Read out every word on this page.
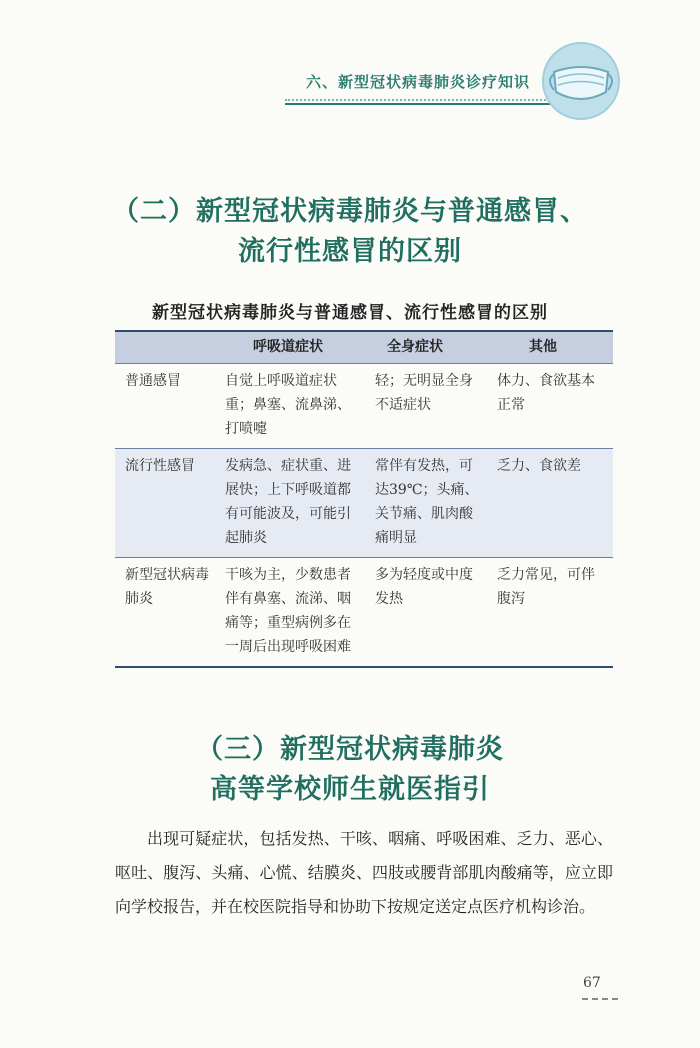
六、新型冠状病毒肺炎诊疗知识
（二）新型冠状病毒肺炎与普通感冒、
流行性感冒的区别
新型冠状病毒肺炎与普通感冒、流行性感冒的区别
	呼吸道症状	全身症状	其他
普通感冒	自觉上呼吸道症状重；鼻塞、流鼻涕、打喷嚏	轻；无明显全身不适症状	体力、食欲基本正常
流行性感冒	发病急、症状重、进展快；上下呼吸道都有可能波及，可能引起肺炎	常伴有发热，可达39℃；头痛、关节痛、肌肉酸痛明显	乏力、食欲差
新型冠状病毒肺炎	干咳为主，少数患者伴有鼻塞、流涕、咽痛等；重型病例多在一周后出现呼吸困难	多为轻度或中度发热	乏力常见，可伴腹泻
（三）新型冠状病毒肺炎
高等学校师生就医指引

出现可疑症状，包括发热、干咳、咽痛、呼吸困难、乏力、恶心、呕吐、腹泻、头痛、心慌、结膜炎、四肢或腰背部肌肉酸痛等，应立即向学校报告，并在校医院指导和协助下按规定送定点医疗机构诊治。

67
